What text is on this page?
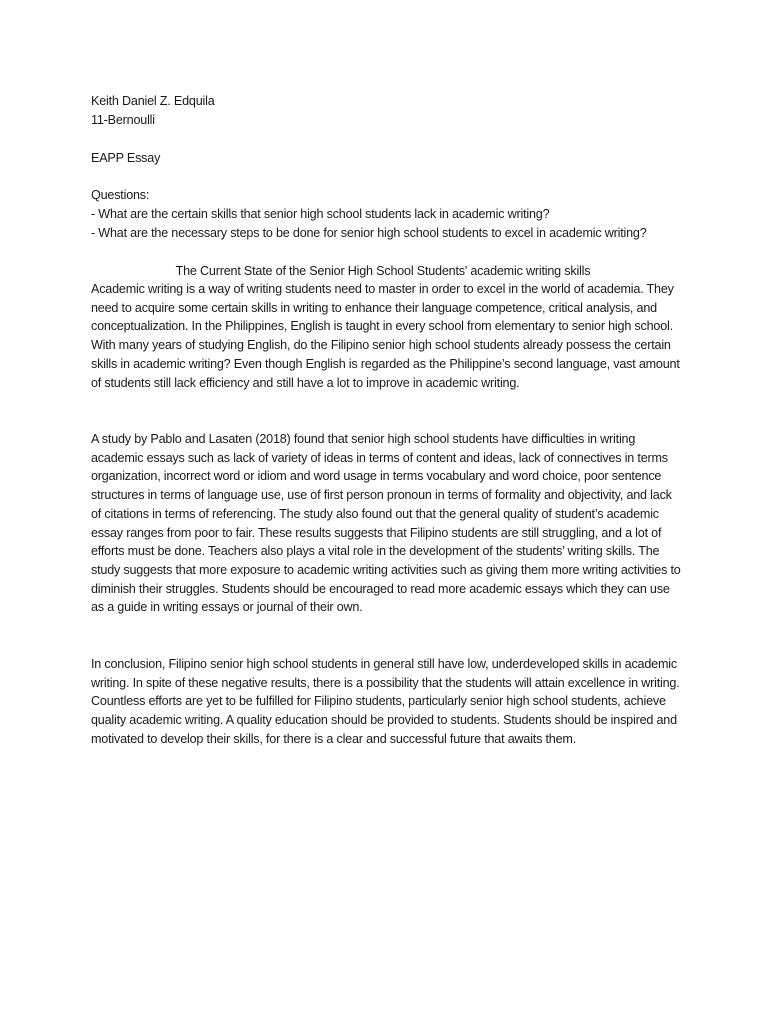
Keith Daniel Z. Edquila

11-Bernoulli

EAPP Essay

Questions:

- What are the certain skills that senior high school students lack in academic writing?

- What are the necessary steps to be done for senior high school students to excel in academic writing?

The Current State of the Senior High School Students' academic writing skills

Academic writing is a way of writing students need to master in order to excel in the world of academia. They need to acquire some certain skills in writing to enhance their language competence, critical analysis, and conceptualization. In the Philippines, English is taught in every school from elementary to senior high school. With many years of studying English, do the Filipino senior high school students already possess the certain skills in academic writing? Even though English is regarded as the Philippine’s second language, vast amount of students still lack efficiency and still have a lot to improve in academic writing.

A study by Pablo and Lasaten (2018) found that senior high school students have difficulties in writing academic essays such as lack of variety of ideas in terms of content and ideas, lack of connectives in terms organization, incorrect word or idiom and word usage in terms vocabulary and word choice, poor sentence structures in terms of language use, use of first person pronoun in terms of formality and objectivity, and lack of citations in terms of referencing. The study also found out that the general quality of student’s academic essay ranges from poor to fair. These results suggests that Filipino students are still struggling, and a lot of efforts must be done. Teachers also plays a vital role in the development of the students’ writing skills. The study suggests that more exposure to academic writing activities such as giving them more writing activities to diminish their struggles. Students should be encouraged to read more academic essays which they can use as a guide in writing essays or journal of their own.

In conclusion, Filipino senior high school students in general still have low, underdeveloped skills in academic writing. In spite of these negative results, there is a possibility that the students will attain excellence in writing. Countless efforts are yet to be fulfilled for Filipino students, particularly senior high school students, achieve quality academic writing. A quality education should be provided to students. Students should be inspired and motivated to develop their skills, for there is a clear and successful future that awaits them.
